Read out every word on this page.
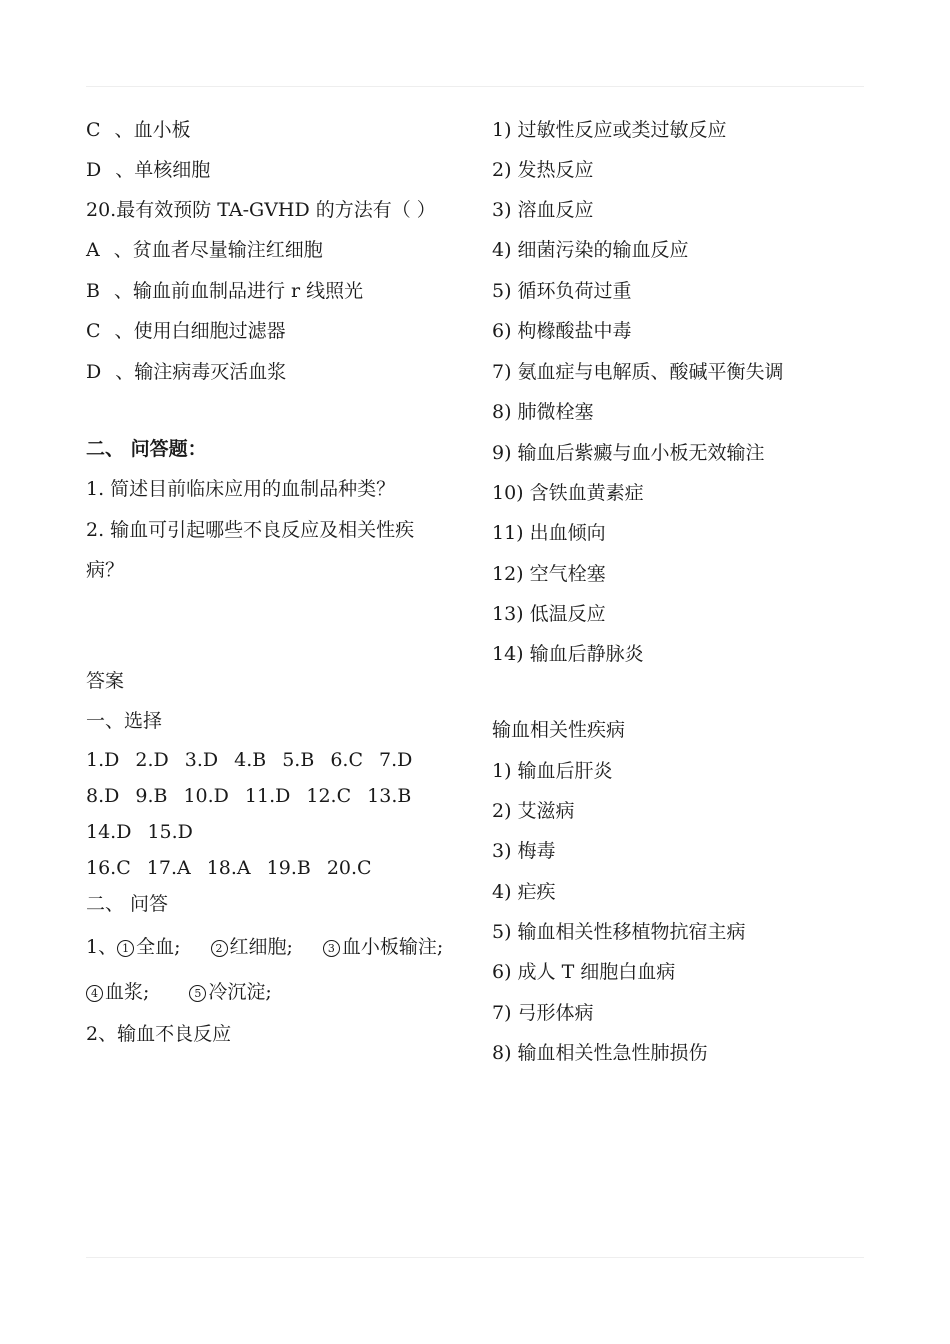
C 、血小板
D 、单核细胞
20.最有效预防 TA-GVHD 的方法有（ ）
A 、贫血者尽量输注红细胞
B 、输血前血制品进行 r 线照光
C 、使用白细胞过滤器
D 、输注病毒灭活血浆
二、 问答题：
1. 简述目前临床应用的血制品种类？
2. 输血可引起哪些不良反应及相关性疾
病？
答案
一、选择
1.D 2.D 3.D 4.B 5.B 6.C 7.D
8.D 9.B 10.D 11.D 12.C 13.B
14.D 15.D
16.C 17.A 18.A 19.B 20.C
二、 问答
1、 1 全血;	2 红细胞;	3 血小板输注;
4 血浆;	5 冷沉淀;
2、输血不良反应
1) 过敏性反应或类过敏反应
2) 发热反应
3) 溶血反应
4) 细菌污染的输血反应
5) 循环负荷过重
6) 枸橼酸盐中毒
7) 氨血症与电解质、酸碱平衡失调
8) 肺微栓塞
9) 输血后紫癜与血小板无效输注
10) 含铁血黄素症
11) 出血倾向
12) 空气栓塞
13) 低温反应
14) 输血后静脉炎
输血相关性疾病
1) 输血后肝炎
2) 艾滋病
3) 梅毒
4) 疟疾
5) 输血相关性移植物抗宿主病
6) 成人 T 细胞白血病
7) 弓形体病
8) 输血相关性急性肺损伤
